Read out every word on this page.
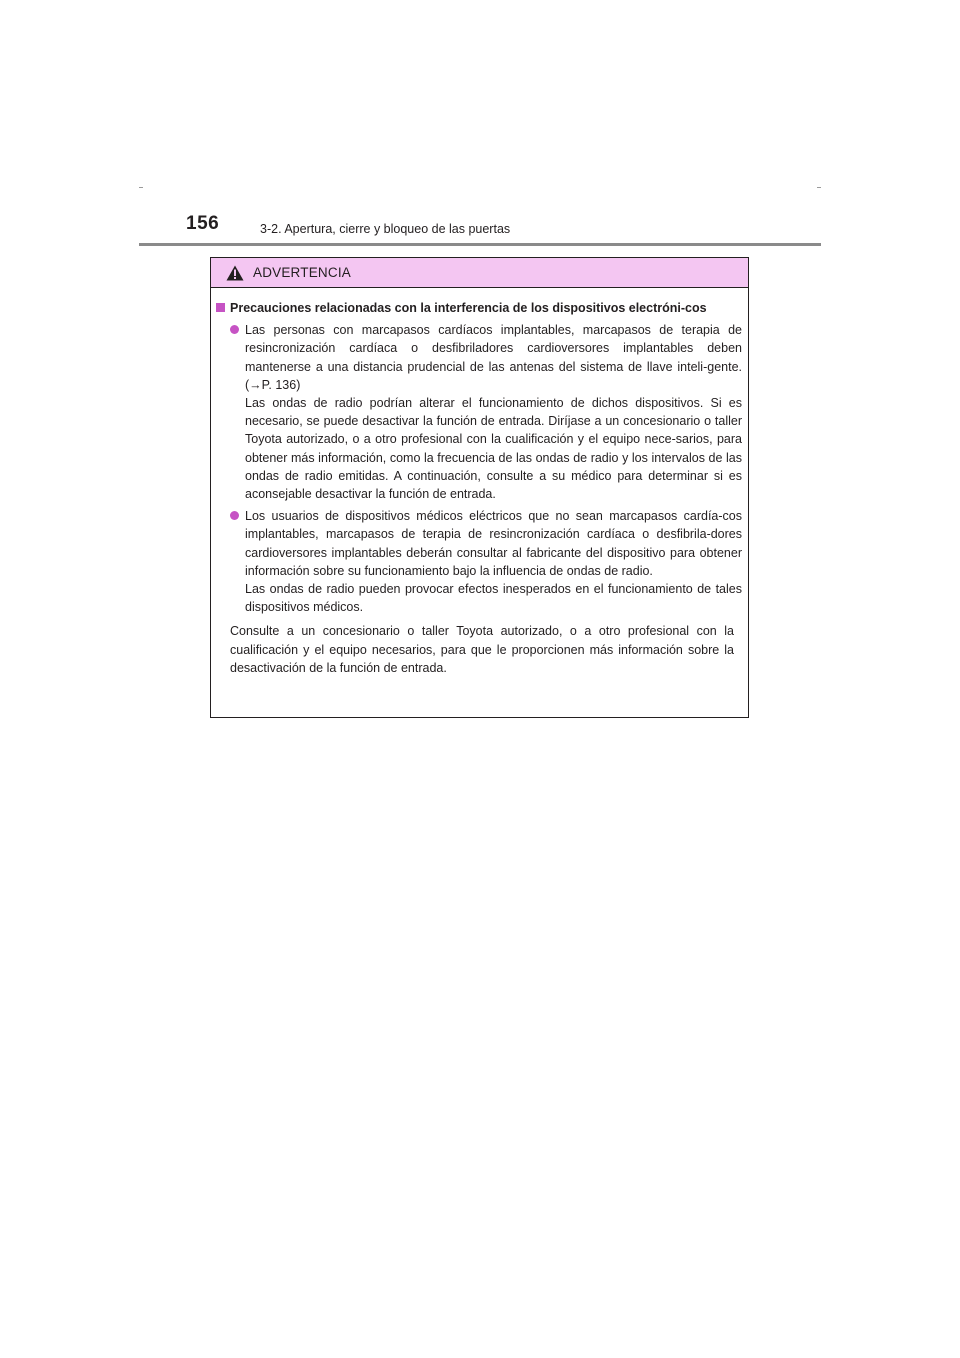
156	3-2. Apertura, cierre y bloqueo de las puertas
ADVERTENCIA
Precauciones relacionadas con la interferencia de los dispositivos electróni-cos

Las personas con marcapasos cardíacos implantables, marcapasos de terapia de resincronización cardíaca o desfibriladores cardioversores implantables deben mantenerse a una distancia prudencial de las antenas del sistema de llave inteli-gente. (→P. 136)

Las ondas de radio podrían alterar el funcionamiento de dichos dispositivos. Si es necesario, se puede desactivar la función de entrada. Diríjase a un concesionario o taller Toyota autorizado, o a otro profesional con la cualificación y el equipo nece-sarios, para obtener más información, como la frecuencia de las ondas de radio y los intervalos de las ondas de radio emitidas. A continuación, consulte a su médico para determinar si es aconsejable desactivar la función de entrada.

Los usuarios de dispositivos médicos eléctricos que no sean marcapasos cardía-cos implantables, marcapasos de terapia de resincronización cardíaca o desfibrila-dores cardioversores implantables deberán consultar al fabricante del dispositivo para obtener información sobre su funcionamiento bajo la influencia de ondas de radio.

Las ondas de radio pueden provocar efectos inesperados en el funcionamiento de tales dispositivos médicos.

Consulte a un concesionario o taller Toyota autorizado, o a otro profesional con la cualificación y el equipo necesarios, para que le proporcionen más información sobre la desactivación de la función de entrada.
